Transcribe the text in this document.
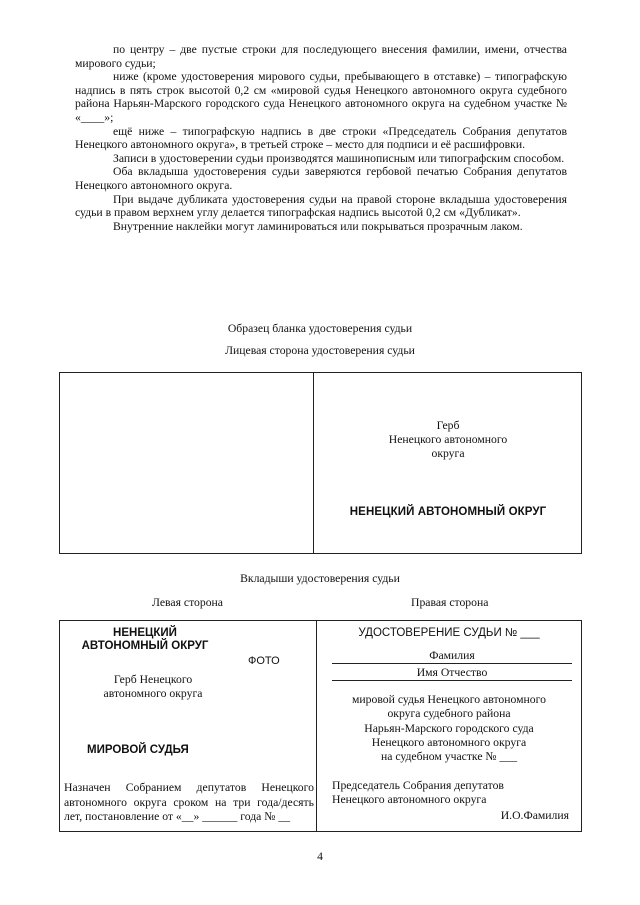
по центру – две пустые строки для последующего внесения фамилии, имени, отчества мирового судьи;

ниже (кроме удостоверения мирового судьи, пребывающего в отставке) – типографскую надпись в пять строк высотой 0,2 см «мировой судья Ненецкого автономного округа судебного района Нарьян-Марского городского суда Ненецкого автономного округа на судебном участке № «____»;

ещё ниже – типографскую надпись в две строки «Председатель Собрания депутатов Ненецкого автономного округа», в третьей строке – место для подписи и её расшифровки.

Записи в удостоверении судьи производятся машинописным или типографским способом.

Оба вкладыша удостоверения судьи заверяются гербовой печатью Собрания депутатов Ненецкого автономного округа.

При выдаче дубликата удостоверения судьи на правой стороне вкладыша удостоверения судьи в правом верхнем углу делается типографская надпись высотой 0,2 см «Дубликат».

Внутренние наклейки могут ламинироваться или покрываться прозрачным лаком.

Образец бланка удостоверения судьи
Лицевая сторона удостоверения судьи
Герб
Ненецкого автономного
округа
НЕНЕЦКИЙ АВТОНОМНЫЙ ОКРУГ
Вкладыши удостоверения судьи
Левая сторона	Правая сторона
НЕНЕЦКИЙ
АВТОНОМНЫЙ ОКРУГ
ФОТО
Герб Ненецкого
автономного округа
МИРОВОЙ СУДЬЯ
Назначен Собранием депутатов Ненецкого автономного округа сроком на три года/десять лет, постановление от «__» ______ года № __
УДОСТОВЕРЕНИЕ СУДЬИ № ___
Фамилия
Имя Отчество
мировой судья Ненецкого автономного
округа судебного района
Нарьян-Марского городского суда
Ненецкого автономного округа
на судебном участке № ___
Председатель Собрания депутатов
Ненецкого автономного округа
И.О.Фамилия
4
